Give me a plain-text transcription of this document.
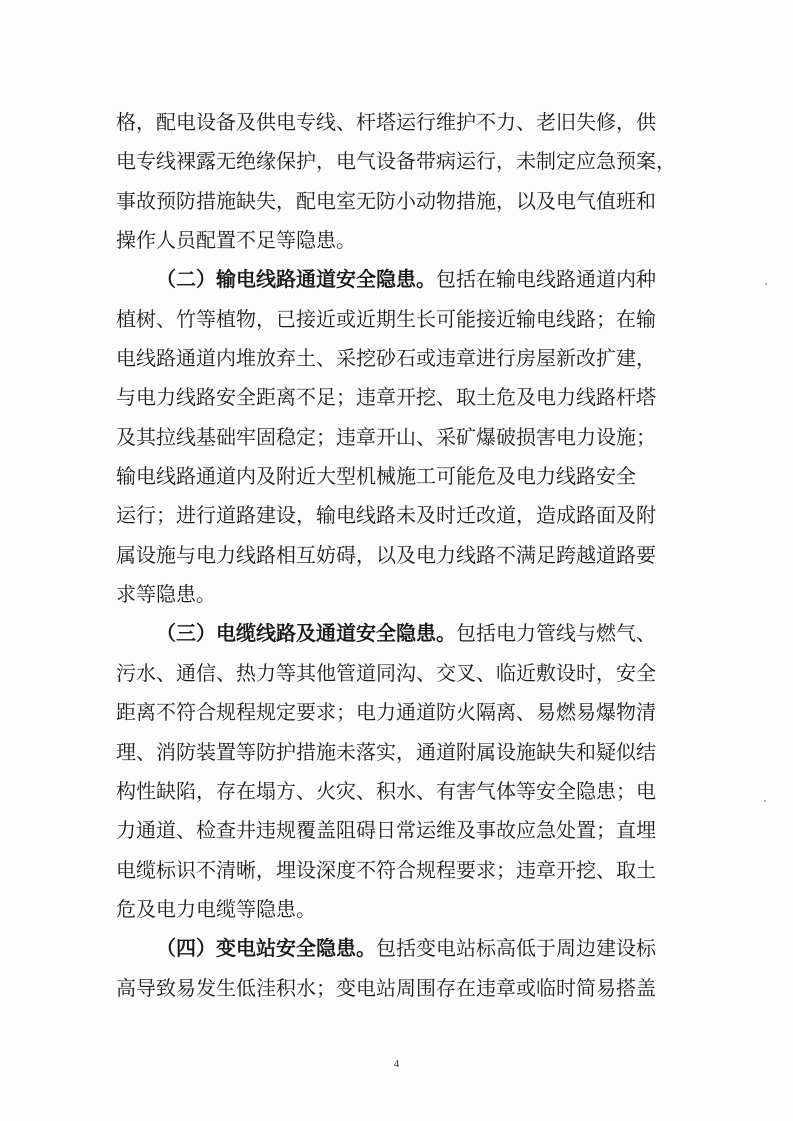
格，配电设备及供电专线、杆塔运行维护不力、老旧失修，供
电专线裸露无绝缘保护，电气设备带病运行，未制定应急预案，
事故预防措施缺失，配电室无防小动物措施，以及电气值班和
操作人员配置不足等隐患。
（二）输电线路通道安全隐患。包括在输电线路通道内种
植树、竹等植物，已接近或近期生长可能接近输电线路；在输
电线路通道内堆放弃土、采挖砂石或违章进行房屋新改扩建，
与电力线路安全距离不足；违章开挖、取土危及电力线路杆塔
及其拉线基础牢固稳定；违章开山、采矿爆破损害电力设施；
输电线路通道内及附近大型机械施工可能危及电力线路安全
运行；进行道路建设，输电线路未及时迁改道，造成路面及附
属设施与电力线路相互妨碍，以及电力线路不满足跨越道路要
求等隐患。
（三）电缆线路及通道安全隐患。包括电力管线与燃气、
污水、通信、热力等其他管道同沟、交叉、临近敷设时，安全
距离不符合规程规定要求；电力通道防火隔离、易燃易爆物清
理、消防装置等防护措施未落实，通道附属设施缺失和疑似结
构性缺陷，存在塌方、火灾、积水、有害气体等安全隐患；电
力通道、检查井违规覆盖阻碍日常运维及事故应急处置；直埋
电缆标识不清晰，埋设深度不符合规程要求；违章开挖、取土
危及电力电缆等隐患。
（四）变电站安全隐患。包括变电站标高低于周边建设标
高导致易发生低洼积水；变电站周围存在违章或临时简易搭盖
4
